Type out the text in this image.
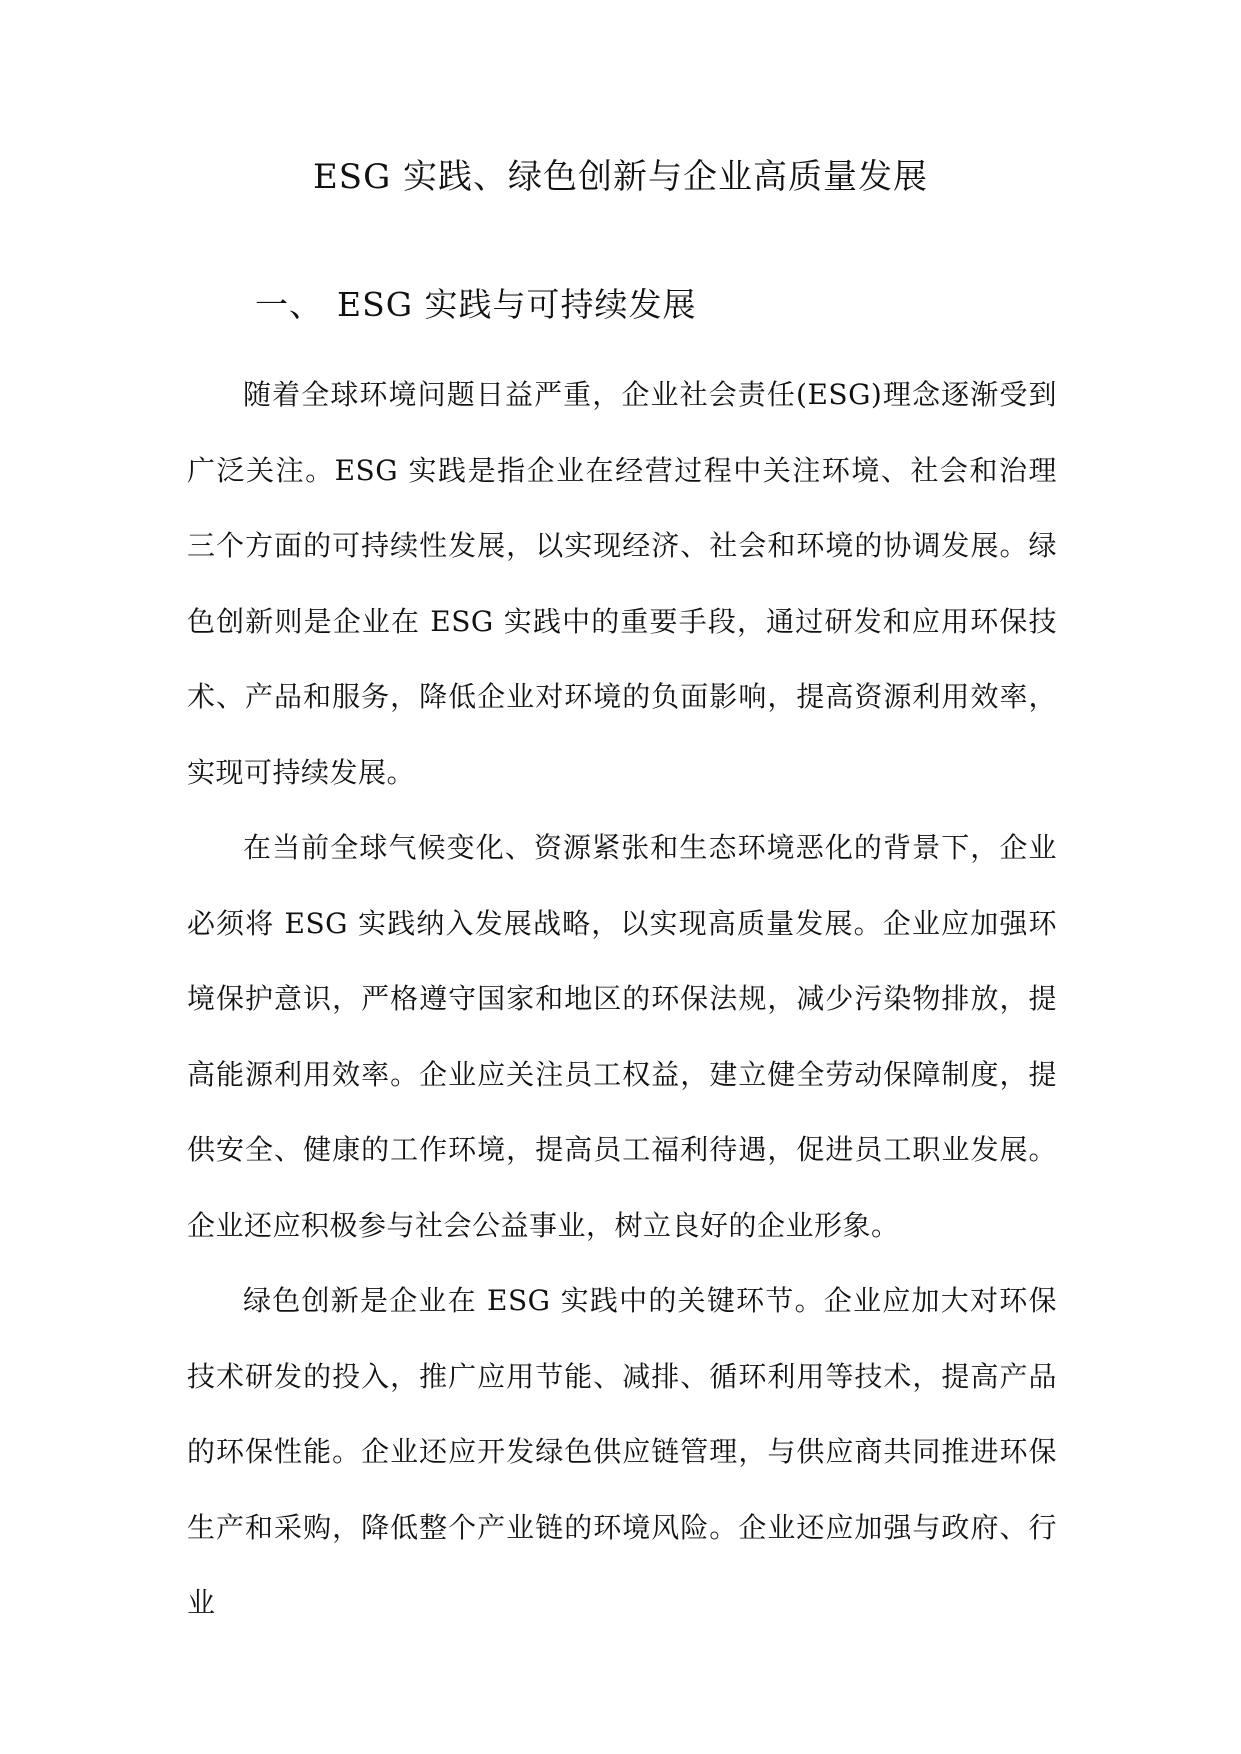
ESG 实践、绿色创新与企业高质量发展
一、 ESG 实践与可持续发展

随着全球环境问题日益严重，企业社会责任(ESG)理念逐渐受到广泛关注。ESG 实践是指企业在经营过程中关注环境、社会和治理三个方面的可持续性发展，以实现经济、社会和环境的协调发展。绿色创新则是企业在 ESG 实践中的重要手段，通过研发和应用环保技术、产品和服务，降低企业对环境的负面影响，提高资源利用效率，实现可持续发展。

在当前全球气候变化、资源紧张和生态环境恶化的背景下，企业必须将 ESG 实践纳入发展战略，以实现高质量发展。企业应加强环境保护意识，严格遵守国家和地区的环保法规，减少污染物排放，提高能源利用效率。企业应关注员工权益，建立健全劳动保障制度，提供安全、健康的工作环境，提高员工福利待遇，促进员工职业发展。企业还应积极参与社会公益事业，树立良好的企业形象。

绿色创新是企业在 ESG 实践中的关键环节。企业应加大对环保技术研发的投入，推广应用节能、减排、循环利用等技术，提高产品的环保性能。企业还应开发绿色供应链管理，与供应商共同推进环保生产和采购，降低整个产业链的环境风险。企业还应加强与政府、行业
